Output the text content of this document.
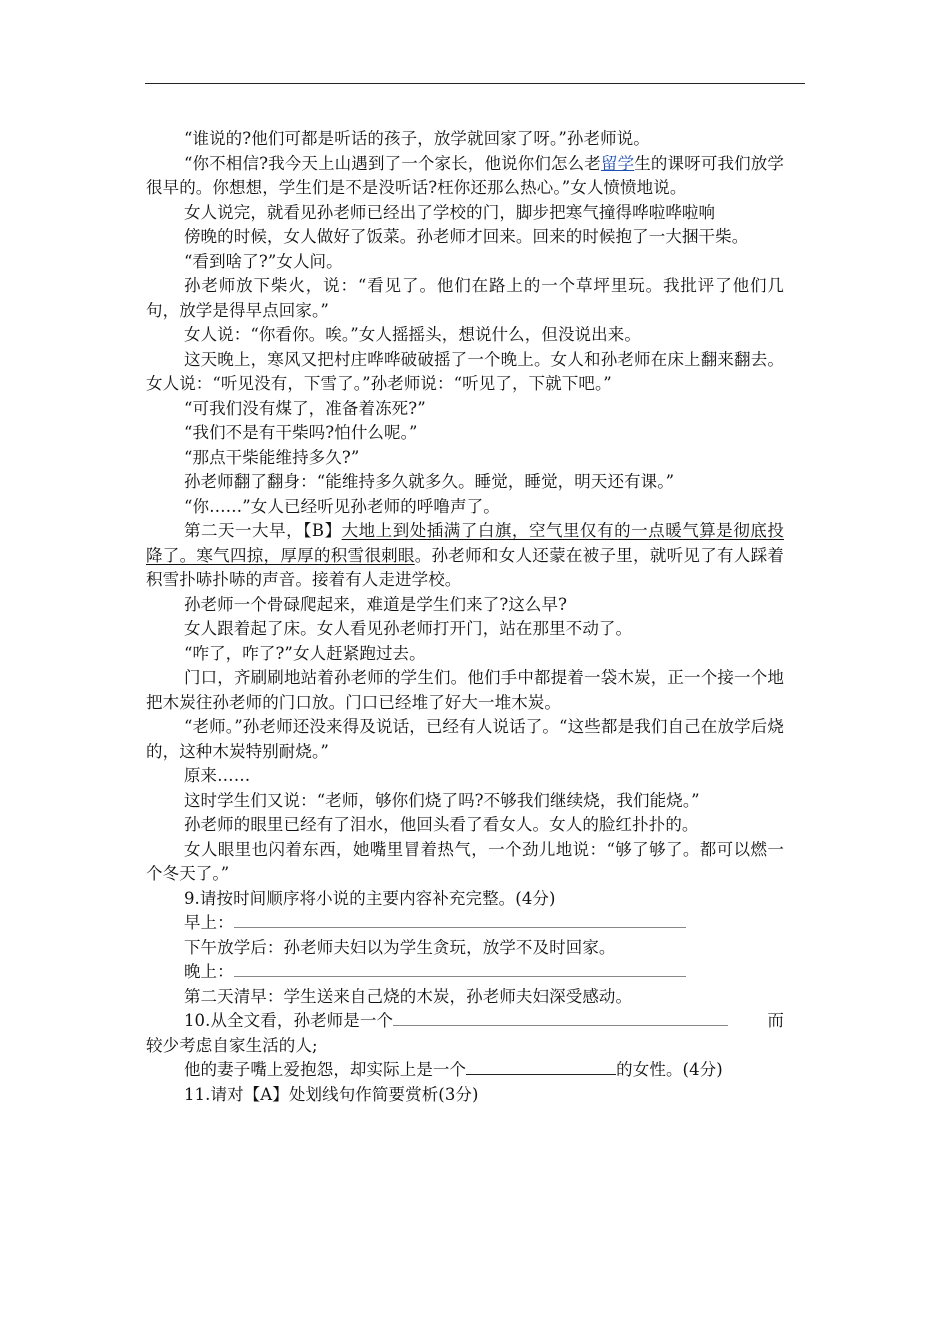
“谁说的?他们可都是听话的孩子，放学就回家了呀。”孙老师说。

“你不相信?我今天上山遇到了一个家长，他说你们怎么老留学生的课呀可我们放学很早的。你想想，学生们是不是没听话?枉你还那么热心。”女人愤愤地说。

女人说完，就看见孙老师已经出了学校的门，脚步把寒气撞得哗啦哗啦响

傍晚的时候，女人做好了饭菜。孙老师才回来。回来的时候抱了一大捆干柴。

“看到啥了?”女人问。

孙老师放下柴火，说：“看见了。他们在路上的一个草坪里玩。我批评了他们几句，放学是得早点回家。”

女人说：“你看你。唉。”女人摇摇头，想说什么，但没说出来。

这天晚上，寒风又把村庄哗哗破破摇了一个晚上。女人和孙老师在床上翻来翻去。女人说：“听见没有，下雪了。”孙老师说：“听见了，下就下吧。”

“可我们没有煤了，准备着冻死?”

“我们不是有干柴吗?怕什么呢。”

“那点干柴能维持多久?”

孙老师翻了翻身：“能维持多久就多久。睡觉，睡觉，明天还有课。”

“你……”女人已经听见孙老师的呼噜声了。

第二天一大早，【B】大地上到处插满了白旗，空气里仅有的一点暖气算是彻底投降了。寒气四掠，厚厚的积雪很刺眼。孙老师和女人还蒙在被子里，就听见了有人踩着积雪扑哧扑哧的声音。接着有人走进学校。

孙老师一个骨碌爬起来，难道是学生们来了?这么早?

女人跟着起了床。女人看见孙老师打开门，站在那里不动了。

“咋了，咋了?”女人赶紧跑过去。

门口，齐刷刷地站着孙老师的学生们。他们手中都提着一袋木炭，正一个接一个地把木炭往孙老师的门口放。门口已经堆了好大一堆木炭。

“老师。”孙老师还没来得及说话，已经有人说话了。“这些都是我们自己在放学后烧的，这种木炭特别耐烧。”

原来……

这时学生们又说：“老师，够你们烧了吗?不够我们继续烧，我们能烧。”

孙老师的眼里已经有了泪水，他回头看了看女人。女人的脸红扑扑的。

女人眼里也闪着东西，她嘴里冒着热气，一个劲儿地说：“够了够了。都可以燃一个冬天了。”

9.请按时间顺序将小说的主要内容补充完整。(4分)

早上：

下午放学后：孙老师夫妇以为学生贪玩，放学不及时回家。

晚上：

第二天清早：学生送来自己烧的木炭，孙老师夫妇深受感动。

10.从全文看，孙老师是一个	而

较少考虑自家生活的人;

他的妻子嘴上爱抱怨，却实际上是一个	的女性。(4分)

11.请对【A】处划线句作简要赏析(3分)
